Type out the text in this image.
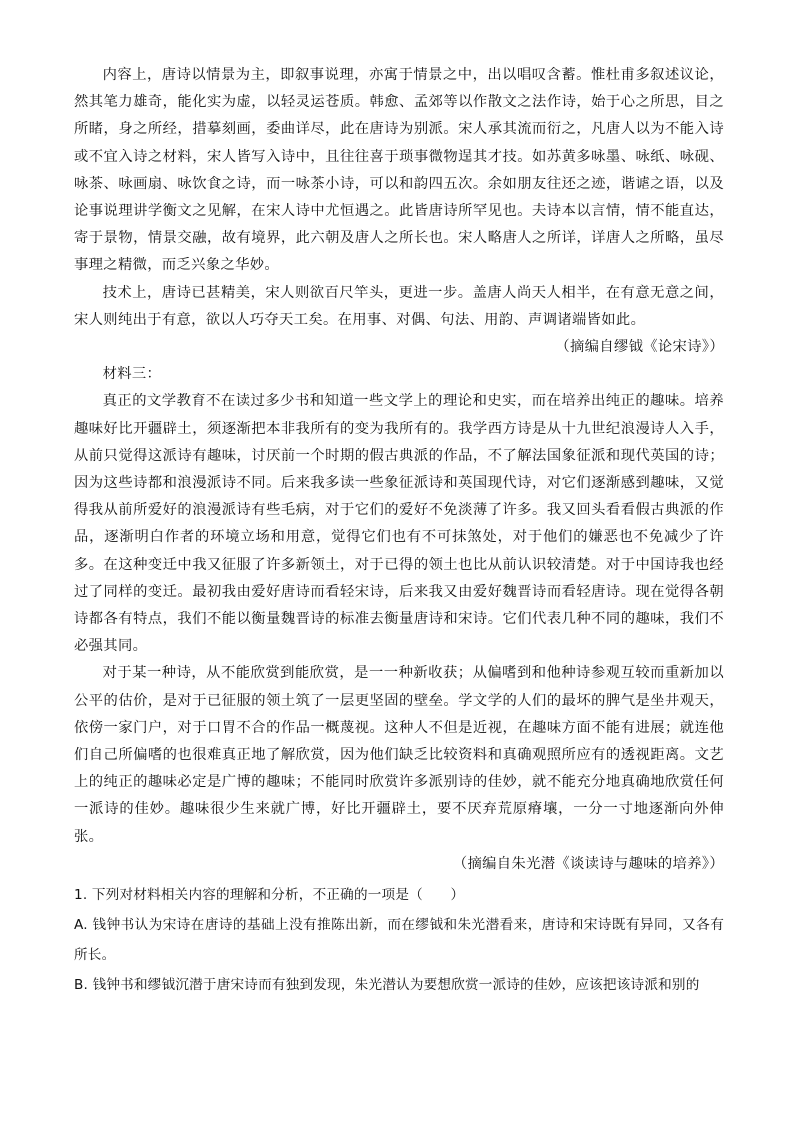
内容上，唐诗以情景为主，即叙事说理，亦寓于情景之中，出以唱叹含蓄。惟杜甫多叙述议论，然其笔力雄奇，能化实为虚，以轻灵运苍质。韩愈、孟郊等以作散文之法作诗，始于心之所思，目之所睹，身之所经，措摹刻画，委曲详尽，此在唐诗为别派。宋人承其流而衍之，凡唐人以为不能入诗或不宜入诗之材料，宋人皆写入诗中，且往往喜于琐事微物逞其才技。如苏黄多咏墨、咏纸、咏砚、咏茶、咏画扇、咏饮食之诗，而一咏茶小诗，可以和韵四五次。余如朋友往还之迹，谐谑之语，以及论事说理讲学衡文之见解，在宋人诗中尤恒遇之。此皆唐诗所罕见也。夫诗本以言情，情不能直达，寄于景物，情景交融，故有境界，此六朝及唐人之所长也。宋人略唐人之所详，详唐人之所略，虽尽事理之精微，而乏兴象之华妙。

技术上，唐诗已甚精美，宋人则欲百尺竿头，更进一步。盖唐人尚天人相半，在有意无意之间，宋人则纯出于有意，欲以人巧夺天工矣。在用事、对偶、句法、用韵、声调诸端皆如此。

（摘编自缪钺《论宋诗》）

材料三：

真正的文学教育不在读过多少书和知道一些文学上的理论和史实，而在培养出纯正的趣味。培养趣味好比开疆辟土，须逐渐把本非我所有的变为我所有的。我学西方诗是从十九世纪浪漫诗人入手，从前只觉得这派诗有趣味，讨厌前一个时期的假古典派的作品，不了解法国象征派和现代英国的诗；因为这些诗都和浪漫派诗不同。后来我多读一些象征派诗和英国现代诗，对它们逐渐感到趣味，又觉得我从前所爱好的浪漫派诗有些毛病，对于它们的爱好不免淡薄了许多。我又回头看看假古典派的作品，逐渐明白作者的环境立场和用意，觉得它们也有不可抹煞处，对于他们的嫌恶也不免减少了许多。在这种变迁中我又征服了许多新领土，对于已得的领土也比从前认识较清楚。对于中国诗我也经过了同样的变迁。最初我由爱好唐诗而看轻宋诗，后来我又由爱好魏晋诗而看轻唐诗。现在觉得各朝诗都各有特点，我们不能以衡量魏晋诗的标准去衡量唐诗和宋诗。它们代表几种不同的趣味，我们不必强其同。

对于某一种诗，从不能欣赏到能欣赏，是一一种新收获；从偏嗜到和他种诗参观互较而重新加以公平的估价，是对于已征服的领土筑了一层更坚固的壁垒。学文学的人们的最坏的脾气是坐井观天，依傍一家门户，对于口胃不合的作品一概蔑视。这种人不但是近视，在趣味方面不能有进展；就连他们自己所偏嗜的也很难真正地了解欣赏，因为他们缺乏比较资料和真确观照所应有的透视距离。文艺上的纯正的趣味必定是广博的趣味；不能同时欣赏许多派别诗的佳妙，就不能充分地真确地欣赏任何一派诗的佳妙。趣味很少生来就广博，好比开疆辟土，要不厌弃荒原瘠壤，一分一寸地逐渐向外伸张。

（摘编自朱光潜《谈读诗与趣味的培养》）

1. 下列对材料相关内容的理解和分析，不正确的一项是（　　）

A. 钱钟书认为宋诗在唐诗的基础上没有推陈出新，而在缪钺和朱光潜看来，唐诗和宋诗既有异同，又各有所长。

B. 钱钟书和缪钺沉潜于唐宋诗而有独到发现，朱光潜认为要想欣赏一派诗的佳妙，应该把该诗派和别的
